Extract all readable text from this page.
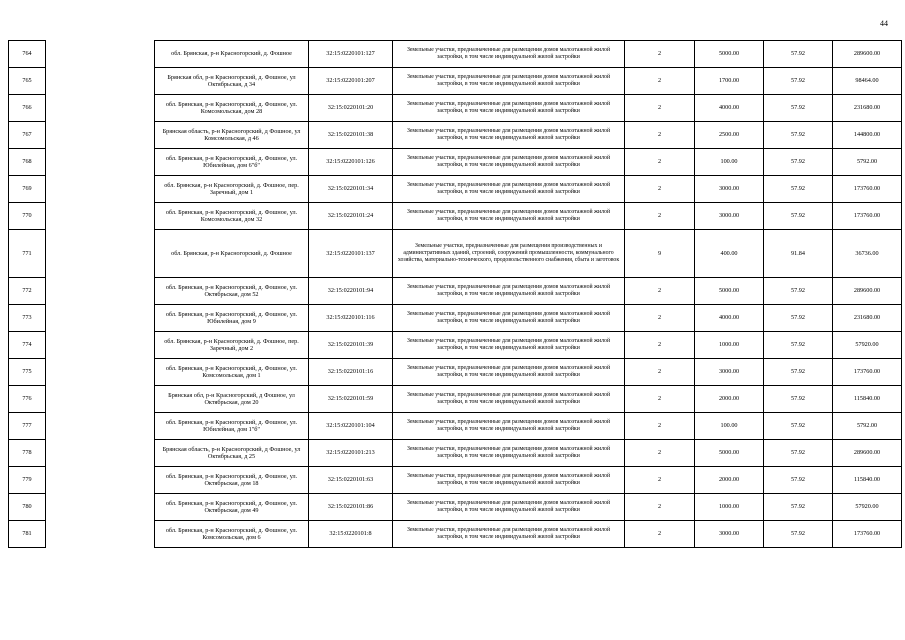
44
764		обл. Брянская, р-н Красногорский, д. Фошное	32:15:0220101:127	Земельные участки, предназначенные для размещения домов малоэтажной жилой застройки, в том числе индивидуальной жилой застройки	2	5000.00	57.92	289600.00
765		Брянская обл, р-н Красногорский, д. Фошное, ул Октябрьская, д 34	32:15:0220101:207	Земельные участки, предназначенные для размещения домов малоэтажной жилой застройки, в том числе индивидуальной жилой застройки	2	1700.00	57.92	98464.00
766		обл. Брянская, р-н Красногорский, д. Фошное, ул. Комсомольская, дом 28	32:15:0220101:20	Земельные участки, предназначенные для размещения домов малоэтажной жилой застройки, в том числе индивидуальной жилой застройки	2	4000.00	57.92	231680.00
767		Брянская область, р-н Красногорский, д Фошное, ул Комсомольская, д 46	32:15:0220101:38	Земельные участки, предназначенные для размещения домов малоэтажной жилой застройки, в том числе индивидуальной жилой застройки	2	2500.00	57.92	144800.00
768		обл. Брянская, р-н Красногорский, д. Фошное, ул. Юбилейная, дом 6"б"	32:15:0220101:126	Земельные участки, предназначенные для размещения домов малоэтажной жилой застройки, в том числе индивидуальной жилой застройки	2	100.00	57.92	5792.00
769		обл. Брянская, р-н Красногорский, д. Фошное, пер. Заречный, дом 1	32:15:0220101:34	Земельные участки, предназначенные для размещения домов малоэтажной жилой застройки, в том числе индивидуальной жилой застройки	2	3000.00	57.92	173760.00
770		обл. Брянская, р-н Красногорский, д. Фошное, ул. Комсомольская, дом 32	32:15:0220101:24	Земельные участки, предназначенные для размещения домов малоэтажной жилой застройки, в том числе индивидуальной жилой застройки	2	3000.00	57.92	173760.00
771		обл. Брянская, р-н Красногорский, д. Фошное	32:15:0220101:137	Земельные участки, предназначенные для размещения производственных и административных зданий, строений, сооружений промышленности, коммунального хозяйства, материально-технического, продовольственного снабжения, сбыта и заготовок	9	400.00	91.84	36736.00
772		обл. Брянская, р-н Красногорский, д. Фошное, ул. Октябрьская, дом 52	32:15:0220101:94	Земельные участки, предназначенные для размещения домов малоэтажной жилой застройки, в том числе индивидуальной жилой застройки	2	5000.00	57.92	289600.00
773		обл. Брянская, р-н Красногорский, д. Фошное, ул. Юбилейная, дом 9	32:15:0220101:116	Земельные участки, предназначенные для размещения домов малоэтажной жилой застройки, в том числе индивидуальной жилой застройки	2	4000.00	57.92	231680.00
774		обл. Брянская, р-н Красногорский, д. Фошное, пер. Заречный, дом 2	32:15:0220101:39	Земельные участки, предназначенные для размещения домов малоэтажной жилой застройки, в том числе индивидуальной жилой застройки	2	1000.00	57.92	57920.00
775		обл. Брянская, р-н Красногорский, д. Фошное, ул. Комсомольская, дом 1	32:15:0220101:16	Земельные участки, предназначенные для размещения домов малоэтажной жилой застройки, в том числе индивидуальной жилой застройки	2	3000.00	57.92	173760.00
776		Брянская обл, р-н Красногорский, д Фошное, ул Октябрьская, дом 20	32:15:0220101:59	Земельные участки, предназначенные для размещения домов малоэтажной жилой застройки, в том числе индивидуальной жилой застройки	2	2000.00	57.92	115840.00
777		обл. Брянская, р-н Красногорский, д. Фошное, ул. Юбилейная, дом 1"б"	32:15:0220101:104	Земельные участки, предназначенные для размещения домов малоэтажной жилой застройки, в том числе индивидуальной жилой застройки	2	100.00	57.92	5792.00
778		Брянская область, р-н Красногорский, д Фошное, ул Октябрьская, д 25	32:15:0220101:213	Земельные участки, предназначенные для размещения домов малоэтажной жилой застройки, в том числе индивидуальной жилой застройки	2	5000.00	57.92	289600.00
779		обл. Брянская, р-н Красногорский, д. Фошное, ул. Октябрьская, дом 18	32:15:0220101:63	Земельные участки, предназначенные для размещения домов малоэтажной жилой застройки, в том числе индивидуальной жилой застройки	2	2000.00	57.92	115840.00
780		обл. Брянская, р-н Красногорский, д. Фошное, ул. Октябрьская, дом 49	32:15:0220101:86	Земельные участки, предназначенные для размещения домов малоэтажной жилой застройки, в том числе индивидуальной жилой застройки	2	1000.00	57.92	57920.00
781		обл. Брянская, р-н Красногорский, д. Фошное, ул. Комсомольская, дом 6	32:15:0220101:8	Земельные участки, предназначенные для размещения домов малоэтажной жилой застройки, в том числе индивидуальной жилой застройки	2	3000.00	57.92	173760.00
